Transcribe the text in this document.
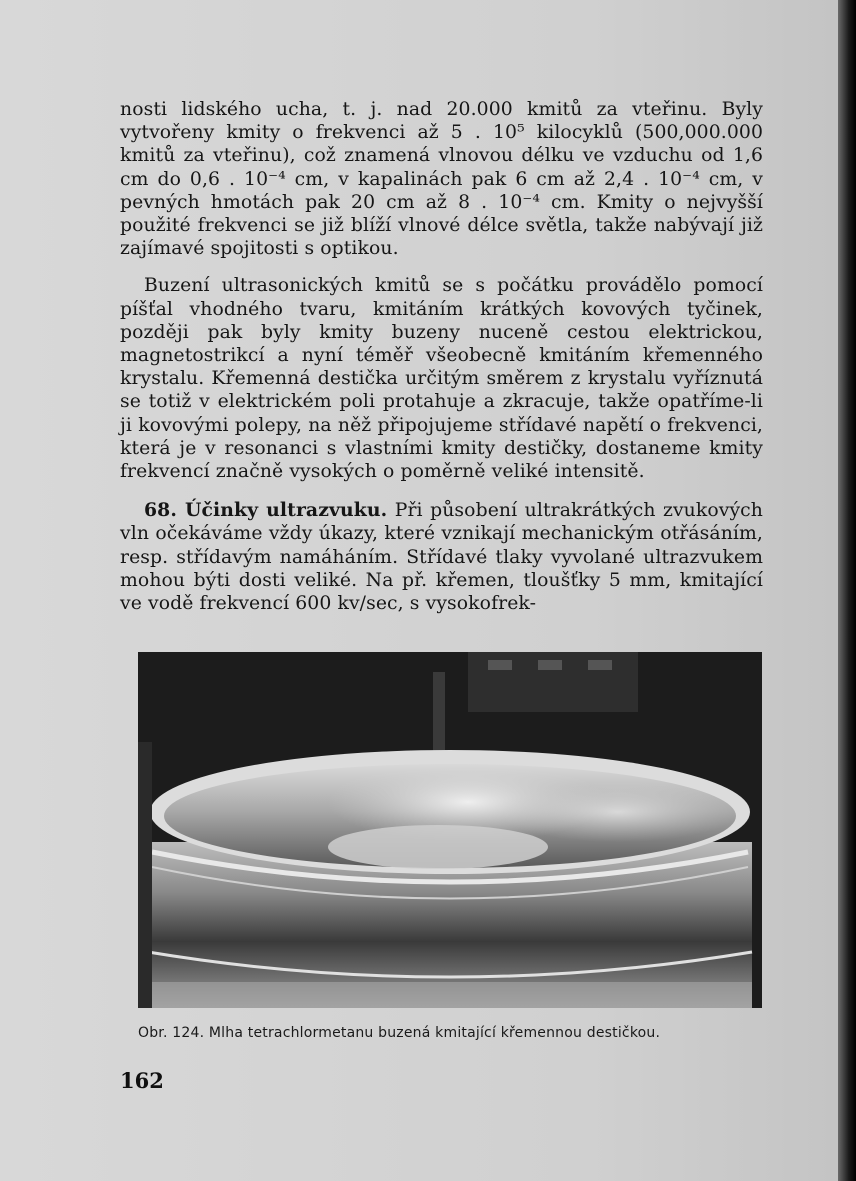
nosti lidského ucha, t. j. nad 20.000 kmitů za vteřinu. Byly vytvořeny kmity o frekvenci až 5 . 10⁵ kilocyklů (500,000.000 kmitů za vteřinu), což znamená vlnovou délku ve vzduchu od 1,6 cm do 0,6 . 10⁻⁴ cm, v kapalinách pak 6 cm až 2,4 . 10⁻⁴ cm, v pevných hmotách pak 20 cm až 8 . 10⁻⁴ cm. Kmity o nejvyšší použité frekvenci se již blíží vlnové délce světla, takže nabývají již zajímavé spojitosti s optikou.

Buzení ultrasonických kmitů se s počátku provádělo pomocí píšťal vhodného tvaru, kmitáním krátkých kovových tyčinek, později pak byly kmity buzeny nuceně cestou elektrickou, magnetostrikcí a nyní téměř všeobecně kmitáním křemenného krystalu. Křemenná destička určitým směrem z krystalu vyříznutá se totiž v elektrickém poli protahuje a zkracuje, takže opatříme-li ji kovovými polepy, na něž připojujeme střídavé napětí o frekvenci, která je v resonanci s vlastními kmity destičky, dostaneme kmity frekvencí značně vysokých o poměrně veliké intensitě.

68. Účinky ultrazvuku. Při působení ultrakrátkých zvukových vln očekáváme vždy úkazy, které vznikají mechanickým otřásáním, resp. střídavým namáháním. Střídavé tlaky vyvolané ultrazvukem mohou býti dosti veliké. Na př. křemen, tloušťky 5 mm, kmitající ve vodě frekvencí 600 kv/sec, s vysokofrek-

Obr. 124. Mlha tetrachlormetanu buzená kmitající křemennou destičkou.
162
